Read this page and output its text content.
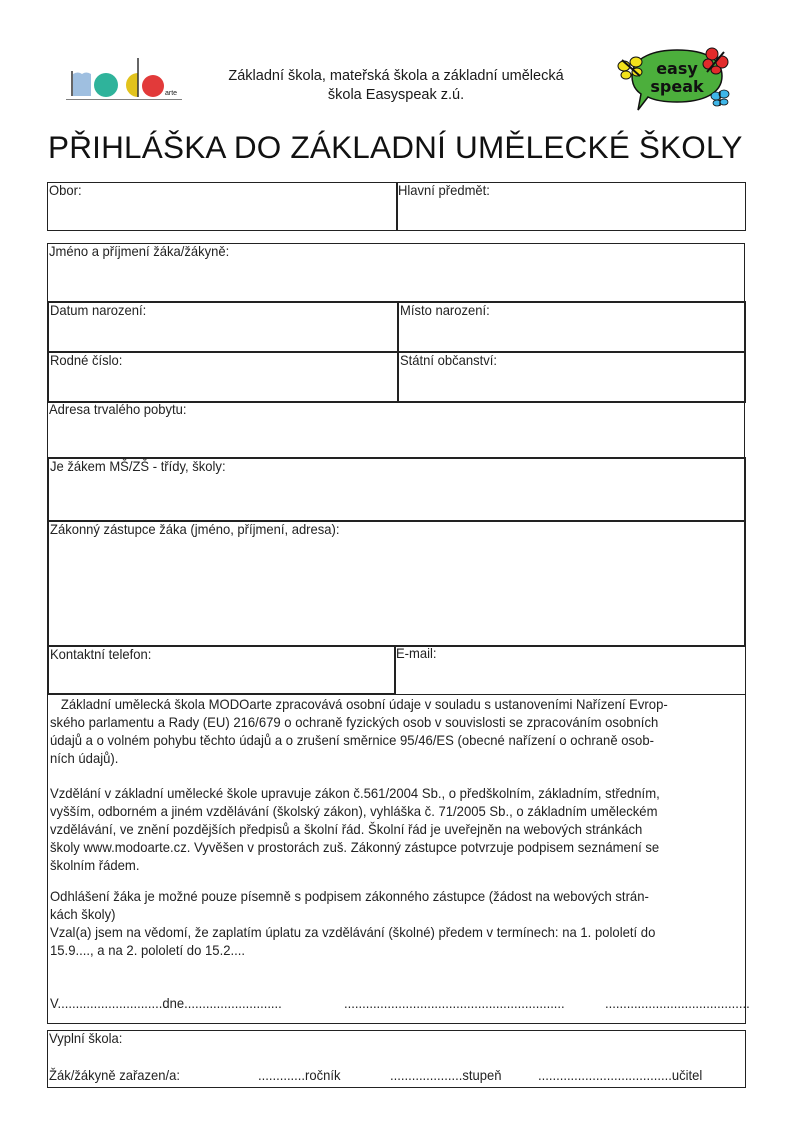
arte
Základní škola, mateřská škola a základní umělecká
škola Easyspeak z.ú.
easy
speak
PŘIHLÁŠKA DO ZÁKLADNÍ UMĚLECKÉ ŠKOLY
Obor:	Hlavní předmět:
Jméno a příjmení žáka/žákyně:
Datum narození:	Místo narození:
Rodné číslo:	Státní občanství:
Adresa trvalého pobytu:
Je žákem MŠ/ZŠ - třídy, školy:
Zákonný zástupce žáka (jméno, příjmení, adresa):
Kontaktní telefon:	E-mail:
Základní umělecká škola MODOarte zpracovává osobní údaje v souladu s ustanoveními Nařízení Evrop-
ského parlamentu a Rady (EU) 216/679 o ochraně fyzických osob v souvislosti se zpracováním osobních
údajů a o volném pohybu těchto údajů a o zrušení směrnice 95/46/ES (obecné nařízení o ochraně osob-
ních údajů).
Vzdělání v základní umělecké škole upravuje zákon č.561/2004 Sb., o předškolním, základním, středním,
vyšším, odborném a jiném vzdělávání (školský zákon), vyhláška č. 71/2005 Sb., o základním uměleckém
vzdělávání, ve znění pozdějších předpisů a školní řád. Školní řád je uveřejněn na webových stránkách
školy www.modoarte.cz. Vyvěšen v prostorách zuš. Zákonný zástupce potvrzuje podpisem seznámení se
školním řádem.
Odhlášení žáka je možné pouze písemně s podpisem zákonného zástupce (žádost na webových strán-
kách školy)
Vzal(a) jsem na vědomí, že zaplatím úplatu za vzdělávání (školné) předem v termínech: na 1. pololetí do
15.9...., a na 2. pololetí do 15.2....
V.............................dne...........................	.............................................................	........................................
Vyplní škola:
Žák/žákyně zařazen/a:	.............ročník	....................stupeň	.....................................učitel
